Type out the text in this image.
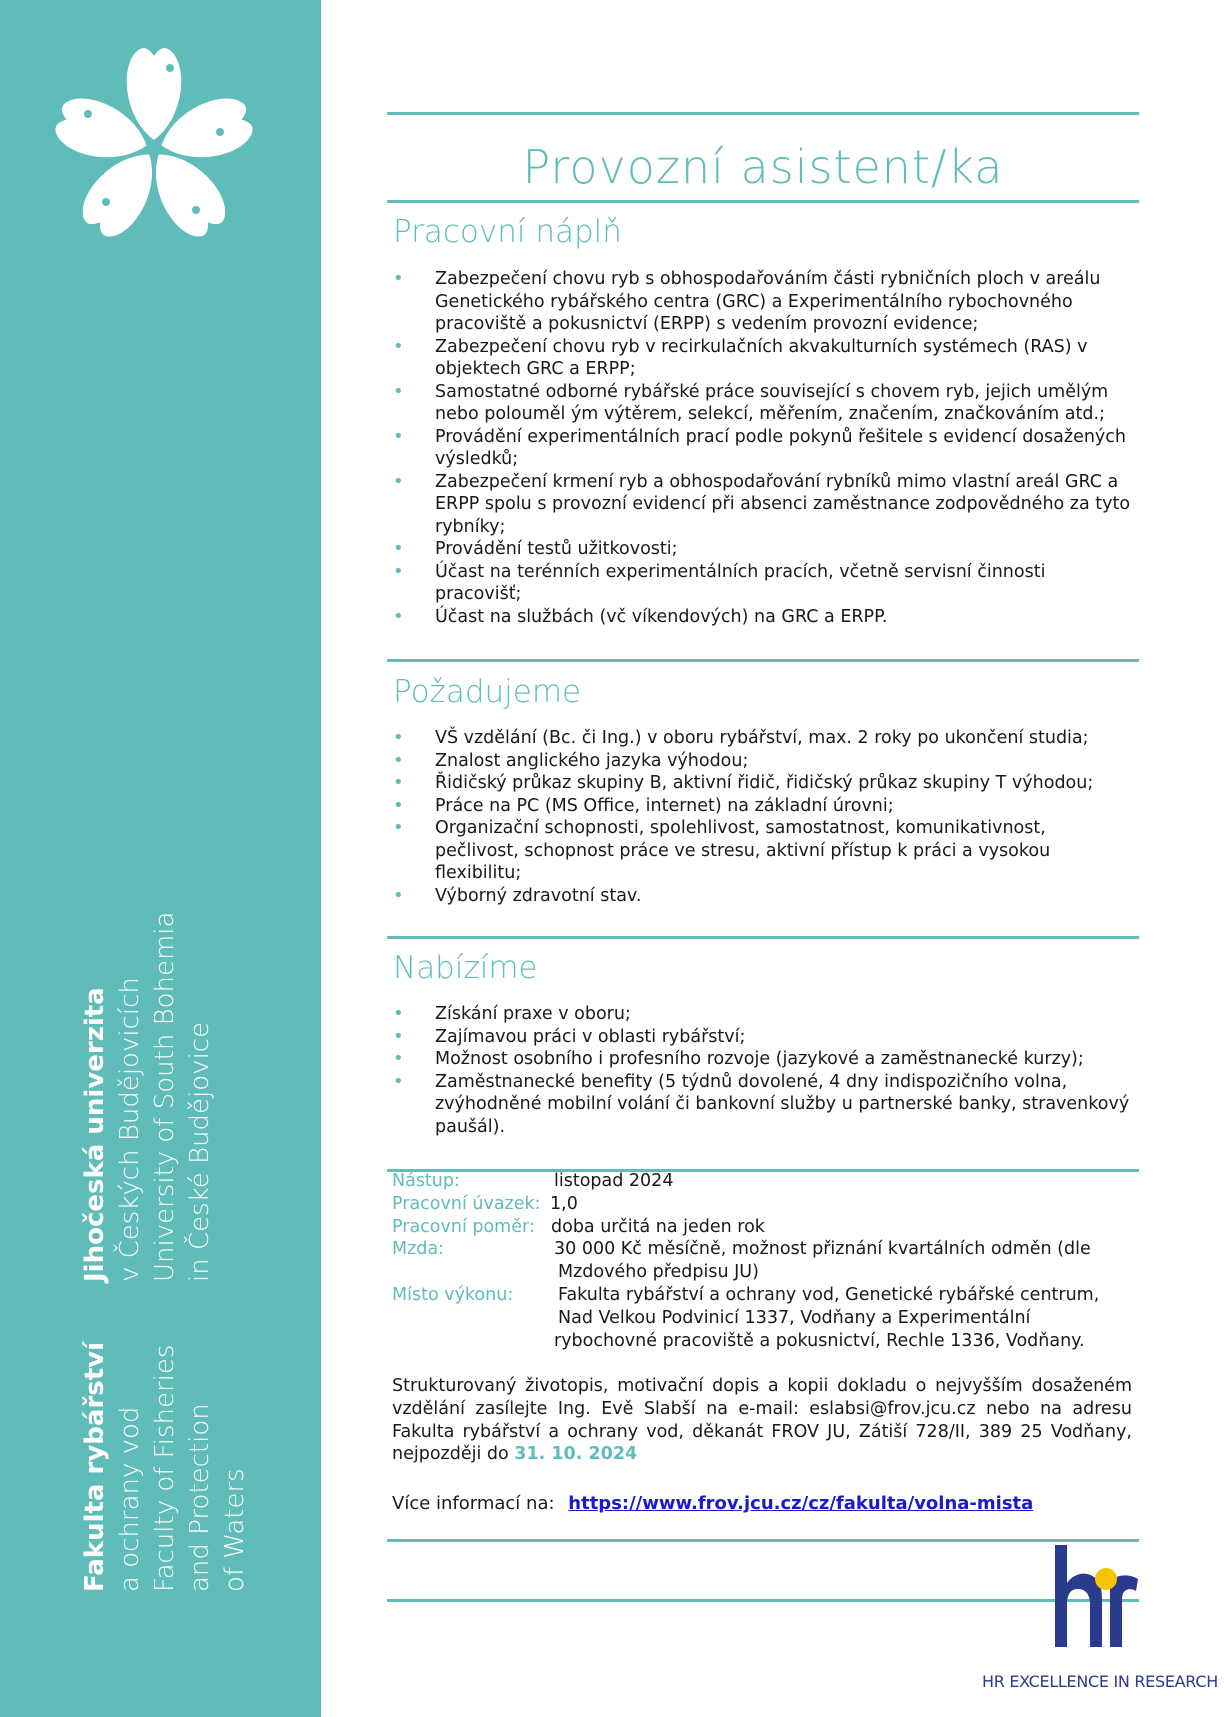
Fakulta rybářství a ochrany vod Faculty of Fisheries and Protection of Waters
Jihočeská univerzita v Českých Budějovicích University of South Bohemia in České Budějovice
Provozní asistent/ka
Pracovní náplň
• Zabezpečení chovu ryb s obhospodařováním části rybničních ploch v areálu Genetického rybářského centra (GRC) a Experimentálního rybochovného pracoviště a pokusnictví (ERPP) s vedením provozní evidence;
• Zabezpečení chovu ryb v recirkulačních akvakulturních systémech (RAS) v objektech GRC a ERPP;
• Samostatné odborné rybářské práce související s chovem ryb, jejich umělým nebo polouměl ým výtěrem, selekcí, měřením, značením, značkováním atd.;
• Provádění experimentálních prací podle pokynů řešitele s evidencí dosažených výsledků;
• Zabezpečení krmení ryb a obhospodařování rybníků mimo vlastní areál GRC a ERPP spolu s provozní evidencí při absenci zaměstnance zodpovědného za tyto rybníky;
• Provádění testů užitkovosti;
• Účast na terénních experimentálních pracích, včetně servisní činnosti pracovišť;
• Účast na službách (vč víkendových) na GRC a ERPP.
Požadujeme
• VŠ vzdělání (Bc. či Ing.) v oboru rybářství, max. 2 roky po ukončení studia;
• Znalost anglického jazyka výhodou;
• Řidičský průkaz skupiny B, aktivní řidič, řidičský průkaz skupiny T výhodou;
• Práce na PC (MS Office, internet) na základní úrovni;
• Organizační schopnosti, spolehlivost, samostatnost, komunikativnost, pečlivost, schopnost práce ve stresu, aktivní přístup k práci a vysokou flexibilitu;
• Výborný zdravotní stav.
Nabízíme
• Získání praxe v oboru;
• Zajímavou práci v oblasti rybářství;
• Možnost osobního i profesního rozvoje (jazykové a zaměstnanecké kurzy);
• Zaměstnanecké benefity (5 týdnů dovolené, 4 dny indispozičního volna, zvýhodněné mobilní volání či bankovní služby u partnerské banky, stravenkový paušál).
Nástup:	listopad 2024
Pracovní úvazek: 1,0
Pracovní poměr: doba určitá na jeden rok
Mzda:	30 000 Kč měsíčně, možnost přiznání kvartálních odměn (dle
Mzdového předpisu JU)
Místo výkonu:	Fakulta rybářství a ochrany vod, Genetické rybářské centrum,
Nad Velkou Podvinicí 1337, Vodňany a Experimentální
rybochovné pracoviště a pokusnictví, Rechle 1336, Vodňany.
Strukturovaný životopis, motivační dopis a kopii dokladu o nejvyšším dosaženém vzdělání zasílejte Ing. Evě Slabší na e-mail: eslabsi@frov.jcu.cz nebo na adresu Fakulta rybářství a ochrany vod, děkanát FROV JU, Zátiší 728/II, 389 25 Vodňany, nejpozději do 31. 10. 2024
Více informací na: https://www.frov.jcu.cz/cz/fakulta/volna-mista
HR EXCELLENCE IN RESEARCH
